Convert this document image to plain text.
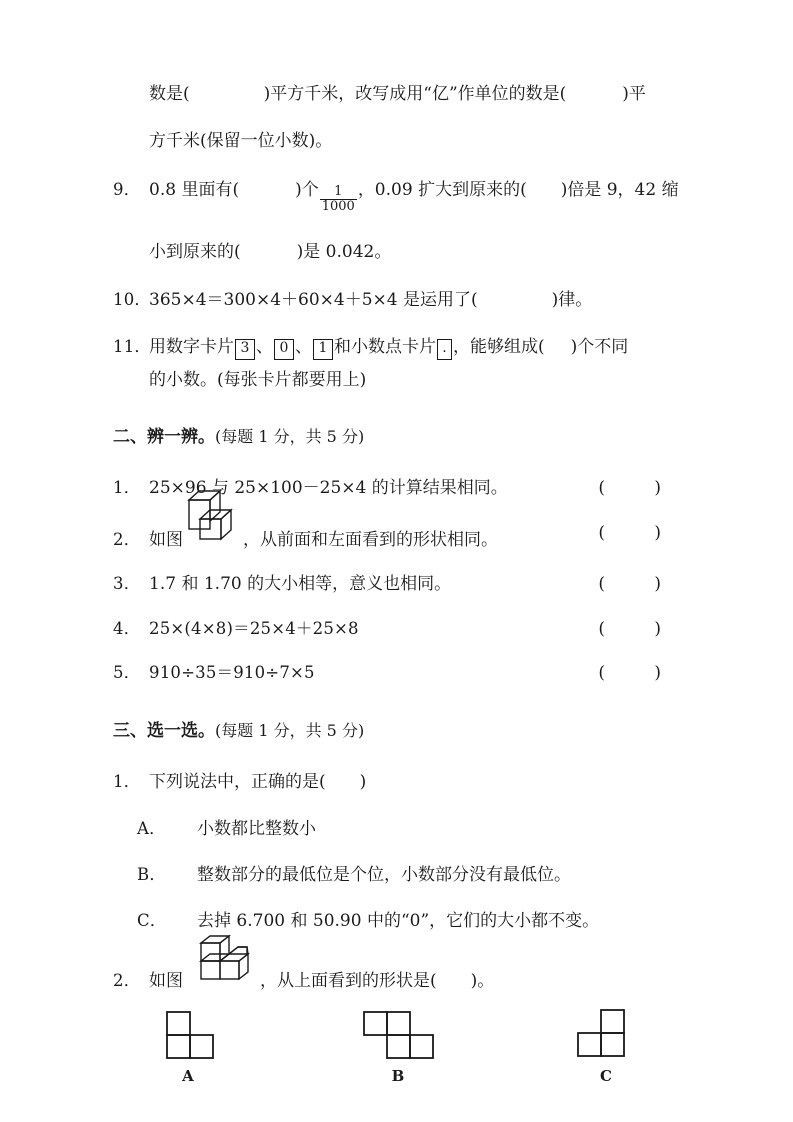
数是(	)平方千米，改写成用“亿”作单位的数是(	)平
方千米(保留一位小数)。
9． 0.8 里面有(	)个 $\frac{1}{1000}$ ，0.09 扩大到原来的( )倍是 9，42 缩
小到原来的(	)是 0.042。
10．
365×4＝300×4＋60×4＋5×4 是运用了(	)律。
11．
用数字卡片 3 、 0 、 1 和小数点卡片 . ，能够组成( )个不同
的小数。(每张卡片都要用上)
二、辨一辨。 (每题 1 分，共 5 分)
1． 25×96 与 25×100－25×4 的计算结果相同。	( )
2． 如图	，从前面和左面看到的形状相同。	( )
3． 1.7 和 1.70 的大小相等，意义也相同。	( )
4． 25×(4×8)＝25×4＋25×8	( )
5． 910÷35＝910÷7×5	( )
三、选一选。 (每题 1 分，共 5 分)
1． 下列说法中，正确的是( )
A．	小数都比整数小
B．	整数部分的最低位是个位，小数部分没有最低位。
C．	去掉 6.700 和 50.90 中的“0”，它们的大小都不变。
2． 如图	，从上面看到的形状是( )。
A	B	C
